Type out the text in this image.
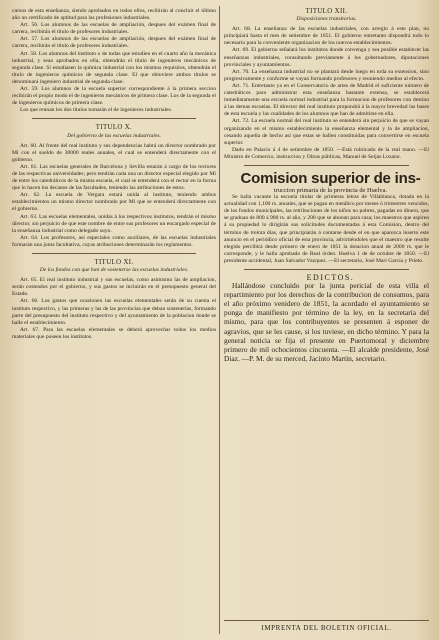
cursos de esta enseñanza, siendo aprobados en todos ellos, recibirán al concluir el último año un certificado de aptitud para las profesiones industriales.

Art. 56. Los alumnos de las escuelas de ampliación, despues del exámen final de carrera, recibirán el título de profesores industriales.

Art. 57. Los alumnos de las escuelas de ampliación, despues del exámen final de carrera, recibirán el título de profesores industriales.

Art. 58. Los alumnos del instituto o de todas que estudien en el cuarto año la mecánica industrial, y sean aprobados en ella, obtendrán el título de ingenieros mecánicos de segunda clase. Si estudiasen la química industrial con los mismos requisitos, obtendrán el título de ingenieros químicos de segunda clase. El que obtuviere ambos títulos se denominará ingeniero industrial de segunda clase.

Art. 59. Los alumnos de la escuela superior correspondiente á la primera seccion recibirán el propio modo el de ingenieros mecánicos de primera clase. Los de la segunda el de ingenieros químicos de primera clase.

Los que reunan los dos títulos tomarán el de ingenieros industriales.

TITULO X.

Del gobierno de las escuelas industriales.

Art. 60. Al frente del real instituto y sus dependencias habrá un director nombrado por Mí con el sueldo de 30000 reales anuales, el cual se entenderá directamente con el gobierno.

Art. 61. Las escuelas generales de Barcelona y Sevilla estarán á cargo de los rectores de las respectivas universidades; pero tendrán cada una un director especial elegido por Mí de entre los catedráticos de la misma escuela, el cual se entenderá con el rector en la forma que lo hacen los decanos de las facultades, teniendo las atribuciones de estos.

Art. 62. La escuela de Vergara estará unida al instituto, teniendo ambos establecimientos un mismo director nombrado por Mí que se entenderá directamente con el gobierno.

Art. 63. Las escuelas elementales, unidas á los respectivos institutos, tendrán el mismo director, sin perjuicio de que este nombre de entre sus profesores un encargado especial de la enseñanza industrial como delegado suyo.

Art. 64. Los profesores, así especiales como auxiliares, de las escuelas industriales formarán una junta facultativa, cuyas atribuciones determinarán los reglamentos.

TITULO XI.

De los fondos con que han de sostenerse las escuelas industriales.

Art. 65. El real instituto industrial y sus escuelas, como asimismo las de ampliacion, serán costeados por el gobierno, y sus gastos se incluirán en el presupuesto general del Estado.

Art. 66. Los gastos que ocasionen las escuelas elementales serán de su cuenta el instituto respectivo, y las primeras y las de las provincias que deban sostenerlas, formando parte del presupuesto del instituto respectivo y del ayuntamiento de la poblacion donde se halle el establecimiento.

Art. 67. Para las escuelas elementales se deberá aprovechar todos los medios materiales que poseen los institutos.

TITULO XII.

Disposiciones transitorias.

Art. 68. La enseñanza de las escuelas industriales, con arreglo á este plan, no principiará hasta el mes de setiembre de 1851. El gobierno entretanto dispondrá todo lo necesario para la conveniente organizacion de los nuevos establecimientos.

Art. 69. El gobierno señalará los institutos donde convenga y sea posible establecer las enseñanzas industriales, consultando previamente á los gobernadores, diputaciones provinciales y ayuntamientos.

Art. 70. La enseñanza industrial no se plantará desde luego en toda su extension, sino progresivamente y conforme se vayan formando profesores y reuniendo medios al efecto.

Art. 71. Entretanto ya en el Conservatorio de artes de Madrid el suficiente número de catedráticos para administrar esta enseñanza bastante extensa, se establecerá inmediatamente una escuela normal industrial para la formacion de profesores con destino á las demas escuelas. El director del real instituto propondrá á la mayor brevedad las bases de esta escuela y las cualidades de los alumnos que han de admitirse en ella.

Art. 72. La escuela normal del real instituto se entenderá sin perjuicio de que se vayan organizando en el mismo establecimiento la enseñanza elemental y la de ampliacion, cesando aquella de hecho así que estas se hallen constituidas para convertirse en escuela superior.

Dado en Palacio á 4 de setiembre de 1850. —Está rubricado de la real mano. —El Ministro de Comercio, instruccion y Obras públicas, Manuel de Seijas Lozano.

Comision superior de ins-

truccion primaria de la provincia de Huelva.

Se halla vacante la escuela titular de primeras letras de Villablanca, dotada en la actualidad con 1,100 rs. anuales, que se pagan en metálico por meses ó trimestres vencidos, de los fondos municipales, las retribuciones de los niños no pobres, pagadas en dinero, que se graduan de 800 á 900 rs. al año, y 200 que se abonan para casa; los maestros que aspiren á su propiedad lo dirigirán sus solicitudes documentadas á esta Comision, dentro del término de treinta dias, que principiarán á contarse desde el en que aparezca inserto este anuncio en el periódico oficial de esta provincia, advirtiéndoles que el maestro que resulte elegido percibirá desde primero de enero de 1851 la dotacion anual de 2000 rs. que le corresponde, y le halla aprobado de Real órden. Huelva 1 de de octubre de 1850. —El presidente accidental, Juan Salvador Vazquez. —El secretario, José Mari García y Prieto.

EDICTOS.

Hallándose concluido por la junta pericial de esta villa el repartimiento por los derechos de la contribucion de consumos, para el año próximo venidero de 1851, la acordado el ayuntamiento se ponga de manifiesto por término de la ley, en la secretaría del mismo, para que los contribuyentes se presenten á esponer de agravios, que se les cause, si los tuviese, en dicho término. Y para la general noticia se fija el presente en Puertomoral y diciembre primero de mil ochocientos cincuenta. —El alcalde presidente, José Diaz. —P. M. de su merced, Jacinto Martin, secretario.

IMPRENTA DEL BOLETIN OFICIAL.
